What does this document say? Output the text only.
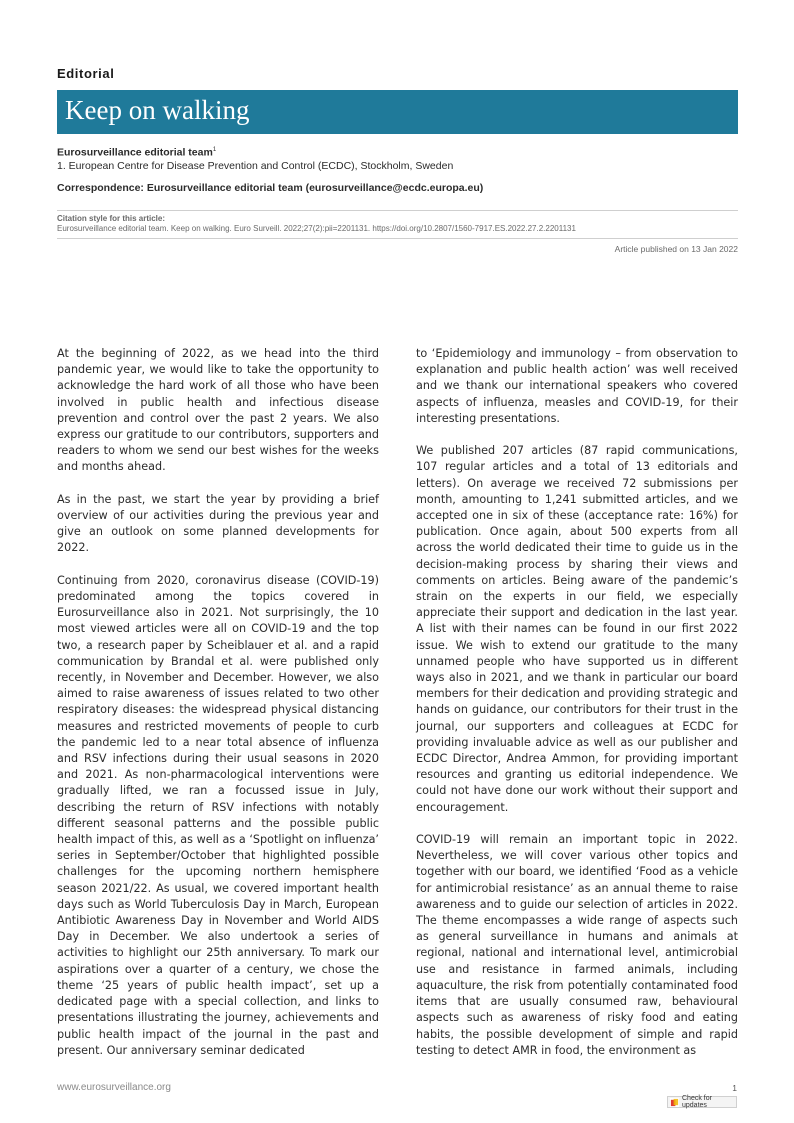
Editorial
Keep on walking

Eurosurveillance editorial team$^1$

1. European Centre for Disease Prevention and Control (ECDC), Stockholm, Sweden

Correspondence: Eurosurveillance editorial team (eurosurveillance@ecdc.europa.eu)

Citation style for this article:
Eurosurveillance editorial team. Keep on walking. Euro Surveill. 2022;27(2):pii=2201131. https://doi.org/10.2807/1560-7917.ES.2022.27.2.2201131
Article published on 13 Jan 2022

At the beginning of 2022, as we head into the third pandemic year, we would like to take the opportunity to acknowledge the hard work of all those who have been involved in public health and infectious disease prevention and control over the past 2 years. We also express our gratitude to our contributors, supporters and readers to whom we send our best wishes for the weeks and months ahead.

As in the past, we start the year by providing a brief overview of our activities during the previous year and give an outlook on some planned developments for 2022.

Continuing from 2020, coronavirus disease (COVID-19) predominated among the topics covered in Eurosurveillance also in 2021. Not surprisingly, the 10 most viewed articles were all on COVID-19 and the top two, a research paper by Scheiblauer et al. and a rapid communication by Brandal et al. were published only recently, in November and December. However, we also aimed to raise awareness of issues related to two other respiratory diseases: the widespread physical distancing measures and restricted movements of people to curb the pandemic led to a near total absence of influenza and RSV infections during their usual seasons in 2020 and 2021. As non-pharmacological interventions were gradually lifted, we ran a focussed issue in July, describing the return of RSV infections with notably different seasonal patterns and the possible public health impact of this, as well as a ‘Spotlight on influenza’ series in September/October that highlighted possible challenges for the upcoming northern hemisphere season 2021/22. As usual, we covered important health days such as World Tuberculosis Day in March, European Antibiotic Awareness Day in November and World AIDS Day in December. We also undertook a series of activities to highlight our 25th anniversary. To mark our aspirations over a quarter of a century, we chose the theme ‘25 years of public health impact’, set up a dedicated page with a special collection, and links to presentations illustrating the journey, achievements and public health impact of the journal in the past and present. Our anniversary seminar dedicated

to ‘Epidemiology and immunology – from observation to explanation and public health action’ was well received and we thank our international speakers who covered aspects of influenza, measles and COVID-19, for their interesting presentations.

We published 207 articles (87 rapid communications, 107 regular articles and a total of 13 editorials and letters). On average we received 72 submissions per month, amounting to 1,241 submitted articles, and we accepted one in six of these (acceptance rate: 16%) for publication. Once again, about 500 experts from all across the world dedicated their time to guide us in the decision-making process by sharing their views and comments on articles. Being aware of the pandemic’s strain on the experts in our field, we especially appreciate their support and dedication in the last year. A list with their names can be found in our first 2022 issue. We wish to extend our gratitude to the many unnamed people who have supported us in different ways also in 2021, and we thank in particular our board members for their dedication and providing strategic and hands on guidance, our contributors for their trust in the journal, our supporters and colleagues at ECDC for providing invaluable advice as well as our publisher and ECDC Director, Andrea Ammon, for providing important resources and granting us editorial independence. We could not have done our work without their support and encouragement.

COVID-19 will remain an important topic in 2022. Nevertheless, we will cover various other topics and together with our board, we identified ‘Food as a vehicle for antimicrobial resistance’ as an annual theme to raise awareness and to guide our selection of articles in 2022. The theme encompasses a wide range of aspects such as general surveillance in humans and animals at regional, national and international level, antimicrobial use and resistance in farmed animals, including aquaculture, the risk from potentially contaminated food items that are usually consumed raw, behavioural aspects such as awareness of risky food and eating habits, the possible development of simple and rapid testing to detect AMR in food, the environment as

www.eurosurveillance.org	1
Check for updates
